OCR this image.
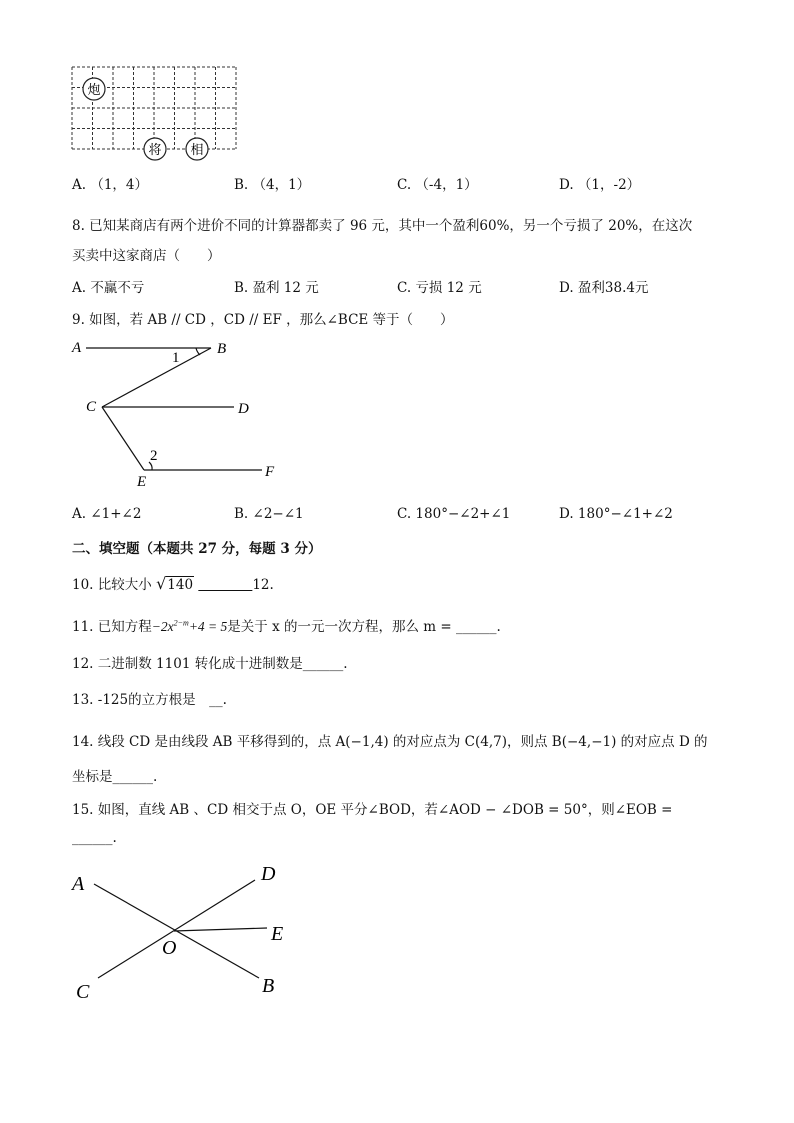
炮
将 相
A. （1，4）	B. （4，1）	C. （-4，1）	D. （1，-2）
8. 已知某商店有两个进价不同的计算器都卖了 96 元，其中一个盈利60%，另一个亏损了 20%，在这次
买卖中这家商店（　　）
A. 不赢不亏	B. 盈利 12 元	C. 亏损 12 元	D. 盈利38.4元
9. 如图，若 AB // CD ，CD // EF ，那么∠BCE 等于（　　）
A	B
C	D
E
F
1
2
A. ∠1+∠2	B. ∠2−∠1	C. 180°−∠2+∠1	D. 180°−∠1+∠2
二、填空题（本题共 27 分，每题 3 分）
10. 比较大小 √140 ________12.
11. 已知方程$-2x^{2-m}+4 = 5$是关于 x 的一元一次方程，那么 m = ______.
12. 二进制数 1101 转化成十进制数是______.
13. -125的立方根是　__.
14. 线段 CD 是由线段 AB 平移得到的，点 A(−1,4) 的对应点为 C(4,7)，则点 B(−4,−1) 的对应点 D 的
坐标是______.
15. 如图，直线 AB 、CD 相交于点 O，OE 平分∠BOD，若∠AOD − ∠DOB = 50°，则∠EOB =
______.
A	D
E
O
C	B
